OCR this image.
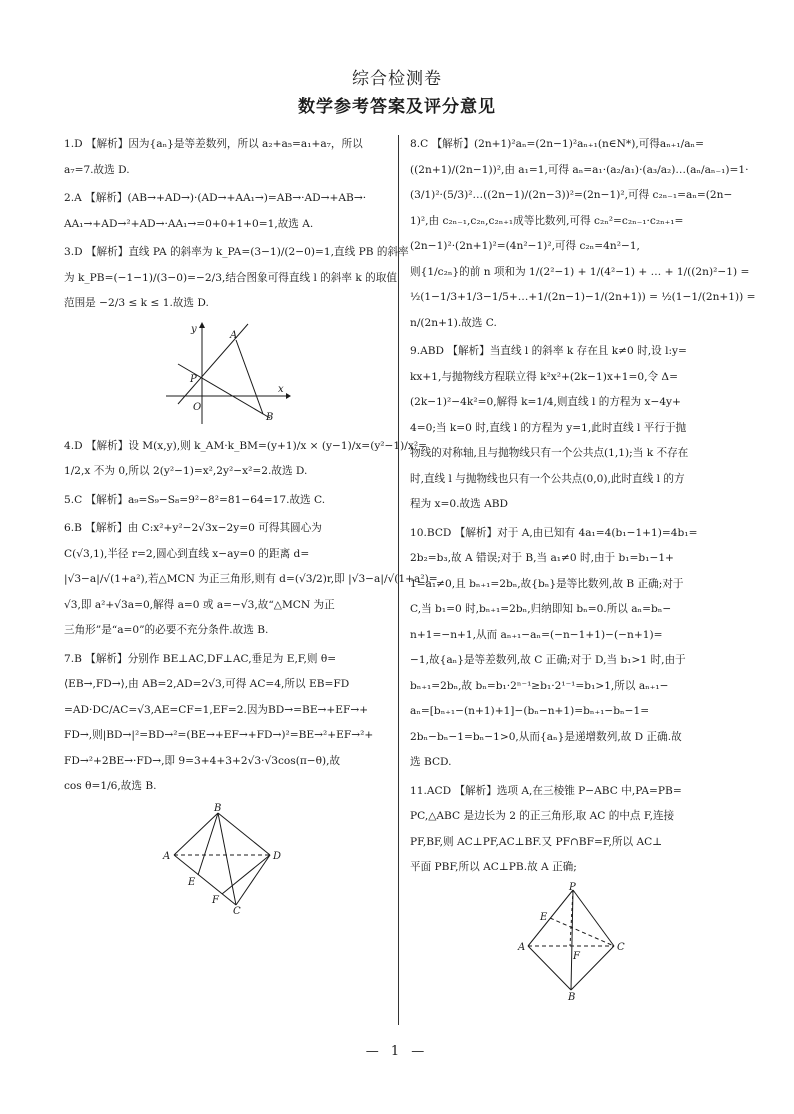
综合检测卷
数学参考答案及评分意见
1.D 【解析】因为{aₙ}是等差数列，所以 a₂+a₅=a₁+a₇，所以
a₇=7.故选 D.
2.A 【解析】(AB→+AD→)·(AD→+AA₁→)=AB→·AD→+AB→·
AA₁→+AD→²+AD→·AA₁→=0+0+1+0=1,故选 A.
3.D 【解析】直线 PA 的斜率为 k_PA=(3−1)/(2−0)=1,直线 PB 的斜率
为 k_PB=(−1−1)/(3−0)=−2/3,结合图象可得直线 l 的斜率 k 的取值
范围是 −2/3 ≤ k ≤ 1.故选 D.
y
A
P
O
x
B
4.D 【解析】设 M(x,y),则 k_AM·k_BM=(y+1)/x × (y−1)/x=(y²−1)/x²=
1/2,x 不为 0,所以 2(y²−1)=x²,2y²−x²=2.故选 D.
5.C 【解析】a₉=S₉−S₈=9²−8²=81−64=17.故选 C.
6.B 【解析】由 C:x²+y²−2√3x−2y=0 可得其圆心为
C(√3,1),半径 r=2,圆心到直线 x−ay=0 的距离 d=
|√3−a|/√(1+a²),若△MCN 为正三角形,则有 d=(√3/2)r,即 |√3−a|/√(1+a²)=
√3,即 a²+√3a=0,解得 a=0 或 a=−√3,故“△MCN 为正
三角形”是“a=0”的必要不充分条件.故选 B.
7.B 【解析】分别作 BE⊥AC,DF⊥AC,垂足为 E,F,则 θ=
⟨EB→,FD→⟩,由 AB=2,AD=2√3,可得 AC=4,所以 EB=FD
=AD·DC/AC=√3,AE=CF=1,EF=2.因为BD→=BE→+EF→+
FD→,则|BD→|²=BD→²=(BE→+EF→+FD→)²=BE→²+EF→²+
FD→²+2BE→·FD→,即 9=3+4+3+2√3·√3cos(π−θ),故
cos θ=1/6,故选 B.
B
A	D
E
F
C
8.C 【解析】(2n+1)²aₙ=(2n−1)²aₙ₊₁(n∈N*),可得aₙ₊₁/aₙ=
((2n+1)/(2n−1))²,由 a₁=1,可得 aₙ=a₁·(a₂/a₁)·(a₃/a₂)…(aₙ/aₙ₋₁)=1·
(3/1)²·(5/3)²…((2n−1)/(2n−3))²=(2n−1)²,可得 c₂ₙ₋₁=aₙ=(2n−
1)²,由 c₂ₙ₋₁,c₂ₙ,c₂ₙ₊₁成等比数列,可得 c₂ₙ²=c₂ₙ₋₁·c₂ₙ₊₁=
(2n−1)²·(2n+1)²=(4n²−1)²,可得 c₂ₙ=4n²−1,
则{1/c₂ₙ}的前 n 项和为 1/(2²−1) + 1/(4²−1) + … + 1/((2n)²−1) =
½(1−1/3+1/3−1/5+…+1/(2n−1)−1/(2n+1)) = ½(1−1/(2n+1)) =
n/(2n+1).故选 C.
9.ABD 【解析】当直线 l 的斜率 k 存在且 k≠0 时,设 l:y=
kx+1,与抛物线方程联立得 k²x²+(2k−1)x+1=0,令 Δ=
(2k−1)²−4k²=0,解得 k=1/4,则直线 l 的方程为 x−4y+
4=0;当 k=0 时,直线 l 的方程为 y=1,此时直线 l 平行于抛
物线的对称轴,且与抛物线只有一个公共点(1,1);当 k 不存在
时,直线 l 与抛物线也只有一个公共点(0,0),此时直线 l 的方
程为 x=0.故选 ABD
10.BCD 【解析】对于 A,由已知有 4a₁=4(b₁−1+1)=4b₁=
2b₂=b₃,故 A 错误;对于 B,当 a₁≠0 时,由于 b₁=b₁−1+
1=a₁≠0,且 bₙ₊₁=2bₙ,故{bₙ}是等比数列,故 B 正确;对于
C,当 b₁=0 时,bₙ₊₁=2bₙ,归纳即知 bₙ=0.所以 aₙ=bₙ−
n+1=−n+1,从而 aₙ₊₁−aₙ=(−n−1+1)−(−n+1)=
−1,故{aₙ}是等差数列,故 C 正确;对于 D,当 b₁>1 时,由于
bₙ₊₁=2bₙ,故 bₙ=b₁·2ⁿ⁻¹≥b₁·2¹⁻¹=b₁>1,所以 aₙ₊₁−
aₙ=[bₙ₊₁−(n+1)+1]−(bₙ−n+1)=bₙ₊₁−bₙ−1=
2bₙ−bₙ−1=bₙ−1>0,从而{aₙ}是递增数列,故 D 正确.故
选 BCD.
11.ACD 【解析】选项 A,在三棱锥 P−ABC 中,PA=PB=
PC,△ABC 是边长为 2 的正三角形,取 AC 的中点 F,连接
PF,BF,则 AC⊥PF,AC⊥BF.又 PF∩BF=F,所以 AC⊥
平面 PBF,所以 AC⊥PB.故 A 正确;
P
E
A	C
F
B
— 1 —
